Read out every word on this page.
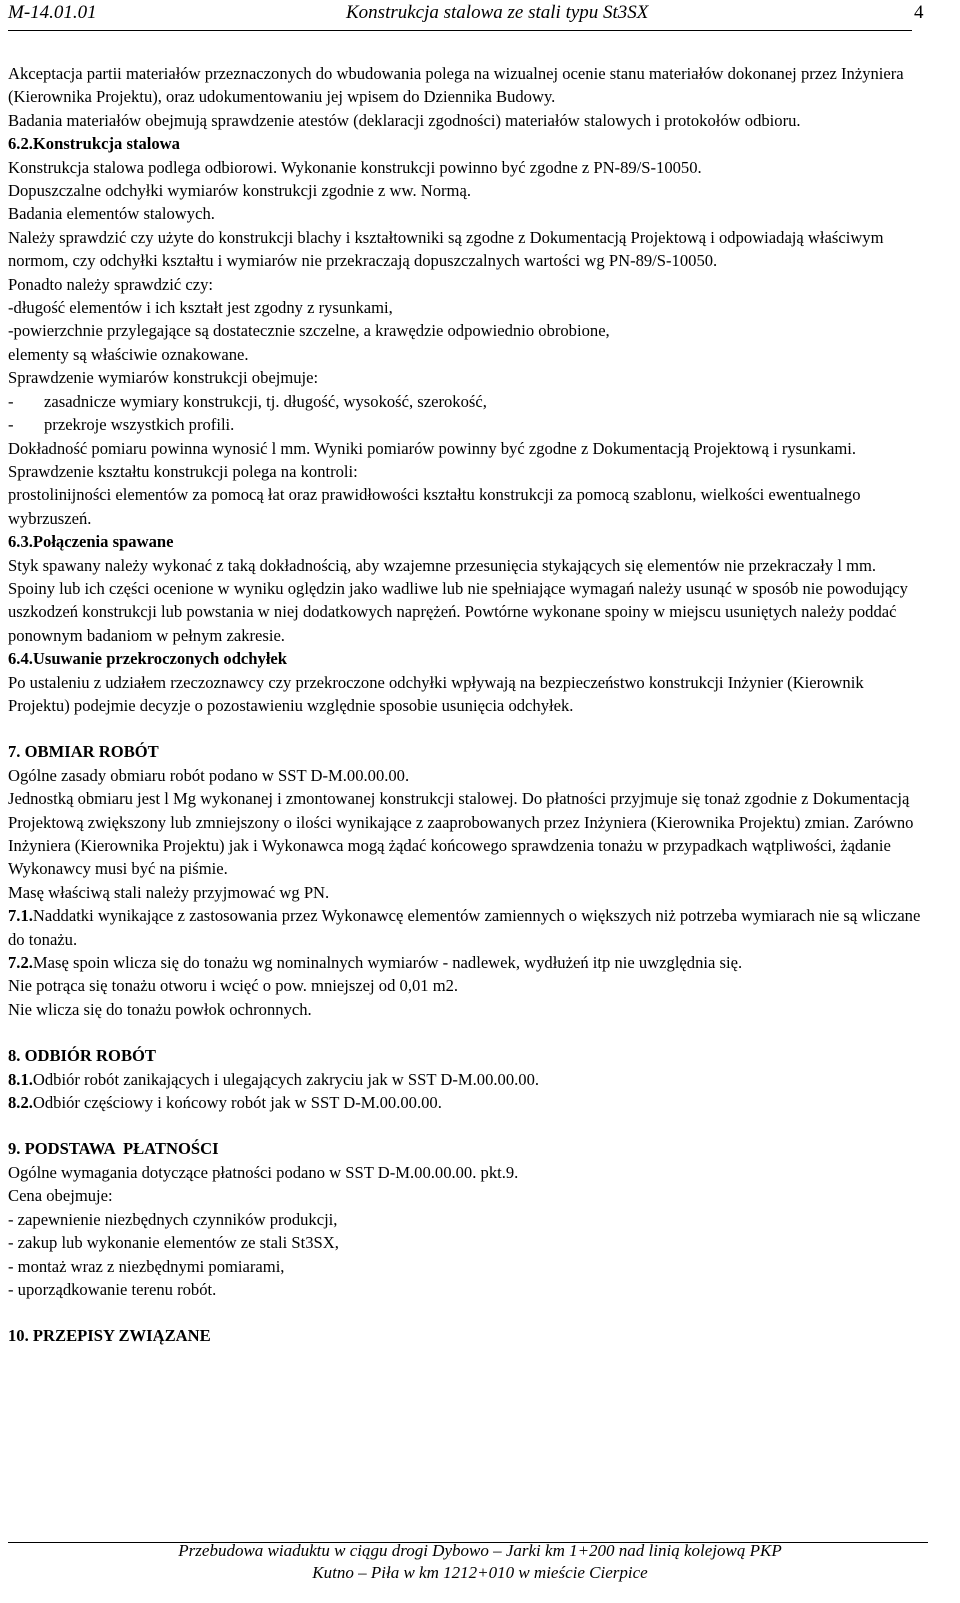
M-14.01.01	Konstrukcja stalowa ze stali typu St3SX	4

Akceptacja partii materiałów przeznaczonych do wbudowania polega na wizualnej ocenie stanu materiałów dokonanej przez Inżyniera (Kierownika Projektu), oraz udokumentowaniu jej wpisem do Dziennika Budowy.

Badania materiałów obejmują sprawdzenie atestów (deklaracji zgodności) materiałów stalowych i protokołów odbioru.

6.2.Konstrukcja stalowa

Konstrukcja stalowa podlega odbiorowi. Wykonanie konstrukcji powinno być zgodne z PN-89/S-10050.

Dopuszczalne odchyłki wymiarów konstrukcji zgodnie z ww. Normą.

Badania elementów stalowych.

Należy sprawdzić czy użyte do konstrukcji blachy i kształtowniki są zgodne z Dokumentacją Projektową i odpowiadają właściwym normom, czy odchyłki kształtu i wymiarów nie przekraczają dopuszczalnych wartości wg PN-89/S-10050.

Ponadto należy sprawdzić czy:

-długość elementów i ich kształt jest zgodny z rysunkami,

-powierzchnie przylegające są dostatecznie szczelne, a krawędzie odpowiednio obrobione,

elementy są właściwie oznakowane.

Sprawdzenie wymiarów konstrukcji obejmuje:

- zasadnicze wymiary konstrukcji, tj. długość, wysokość, szerokość,

- przekroje wszystkich profili.

Dokładność pomiaru powinna wynosić l mm. Wyniki pomiarów powinny być zgodne z Dokumentacją Projektową i rysunkami.

Sprawdzenie kształtu konstrukcji polega na kontroli:

prostolinijności elementów za pomocą łat oraz prawidłowości kształtu konstrukcji za pomocą szablonu, wielkości ewentualnego wybrzuszeń.

6.3.Połączenia spawane

Styk spawany należy wykonać z taką dokładnością, aby wzajemne przesunięcia stykających się elementów nie przekraczały l mm.

Spoiny lub ich części ocenione w wyniku oględzin jako wadliwe lub nie spełniające wymagań należy usunąć w sposób nie powodujący uszkodzeń konstrukcji lub powstania w niej dodatkowych naprężeń. Powtórne wykonane spoiny w miejscu usuniętych należy poddać ponownym badaniom w pełnym zakresie.

6.4.Usuwanie przekroczonych odchyłek

Po ustaleniu z udziałem rzeczoznawcy czy przekroczone odchyłki wpływają na bezpieczeństwo konstrukcji Inżynier (Kierownik Projektu) podejmie decyzje o pozostawieniu względnie sposobie usunięcia odchyłek.

7. OBMIAR ROBÓT

Ogólne zasady obmiaru robót podano w SST D-M.00.00.00.

Jednostką obmiaru jest l Mg wykonanej i zmontowanej konstrukcji stalowej. Do płatności przyjmuje się tonaż zgodnie z Dokumentacją Projektową zwiększony lub zmniejszony o ilości wynikające z zaaprobowanych przez Inżyniera (Kierownika Projektu) zmian. Zarówno Inżyniera (Kierownika Projektu) jak i Wykonawca mogą żądać końcowego sprawdzenia tonażu w przypadkach wątpliwości, żądanie Wykonawcy musi być na piśmie.

Masę właściwą stali należy przyjmować wg PN.

7.1.Naddatki wynikające z zastosowania przez Wykonawcę elementów zamiennych o większych niż potrzeba wymiarach nie są wliczane do tonażu.

7.2.Masę spoin wlicza się do tonażu wg nominalnych wymiarów - nadlewek, wydłużeń itp nie uwzględnia się.

Nie potrąca się tonażu otworu i wcięć o pow. mniejszej od 0,01 m2.

Nie wlicza się do tonażu powłok ochronnych.

8. ODBIÓR ROBÓT

8.1.Odbiór robót zanikających i ulegających zakryciu jak w SST D-M.00.00.00.

8.2.Odbiór częściowy i końcowy robót jak w SST D-M.00.00.00.

9. PODSTAWA  PŁATNOŚCI

Ogólne wymagania dotyczące płatności podano w SST D-M.00.00.00. pkt.9.

Cena obejmuje:

- zapewnienie niezbędnych czynników produkcji,

- zakup lub wykonanie elementów ze stali St3SX,

- montaż wraz z niezbędnymi pomiarami,

- uporządkowanie terenu robót.

10. PRZEPISY ZWIĄZANE

Przebudowa wiaduktu w ciągu drogi Dybowo – Jarki km 1+200 nad linią kolejową PKP
Kutno – Piła w km 1212+010 w mieście Cierpice
